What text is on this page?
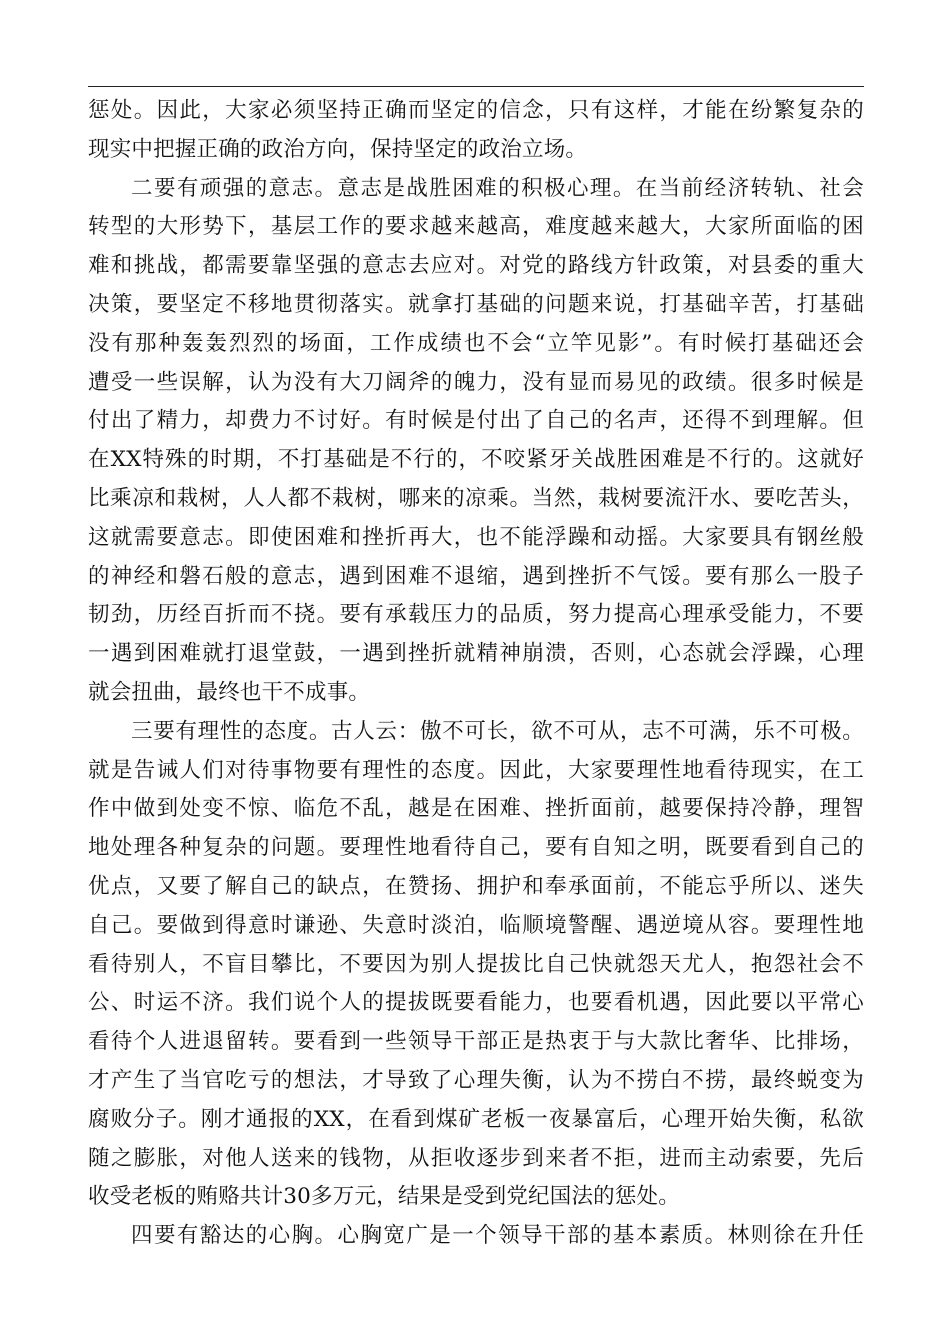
惩处。因此，大家必须坚持正确而坚定的信念，只有这样，才能在纷繁复杂的
现实中把握正确的政治方向，保持坚定的政治立场。
二要有顽强的意志。意志是战胜困难的积极心理。在当前经济转轨、社会
转型的大形势下，基层工作的要求越来越高，难度越来越大，大家所面临的困
难和挑战，都需要靠坚强的意志去应对。对党的路线方针政策，对县委的重大
决策，要坚定不移地贯彻落实。就拿打基础的问题来说，打基础辛苦，打基础
没有那种轰轰烈烈的场面，工作成绩也不会“立竿见影”。有时候打基础还会
遭受一些误解，认为没有大刀阔斧的魄力，没有显而易见的政绩。很多时候是
付出了精力，却费力不讨好。有时候是付出了自己的名声，还得不到理解。但
在XX特殊的时期，不打基础是不行的，不咬紧牙关战胜困难是不行的。这就好
比乘凉和栽树，人人都不栽树，哪来的凉乘。当然，栽树要流汗水、要吃苦头，
这就需要意志。即使困难和挫折再大，也不能浮躁和动摇。大家要具有钢丝般
的神经和磐石般的意志，遇到困难不退缩，遇到挫折不气馁。要有那么一股子
韧劲，历经百折而不挠。要有承载压力的品质，努力提高心理承受能力，不要
一遇到困难就打退堂鼓，一遇到挫折就精神崩溃，否则，心态就会浮躁，心理
就会扭曲，最终也干不成事。
三要有理性的态度。古人云：傲不可长，欲不可从，志不可满，乐不可极。
就是告诫人们对待事物要有理性的态度。因此，大家要理性地看待现实，在工
作中做到处变不惊、临危不乱，越是在困难、挫折面前，越要保持冷静，理智
地处理各种复杂的问题。要理性地看待自己，要有自知之明，既要看到自己的
优点，又要了解自己的缺点，在赞扬、拥护和奉承面前，不能忘乎所以、迷失
自己。要做到得意时谦逊、失意时淡泊，临顺境警醒、遇逆境从容。要理性地
看待别人，不盲目攀比，不要因为别人提拔比自己快就怨天尤人，抱怨社会不
公、时运不济。我们说个人的提拔既要看能力，也要看机遇，因此要以平常心
看待个人进退留转。要看到一些领导干部正是热衷于与大款比奢华、比排场，
才产生了当官吃亏的想法，才导致了心理失衡，认为不捞白不捞，最终蜕变为
腐败分子。刚才通报的XX，在看到煤矿老板一夜暴富后，心理开始失衡，私欲
随之膨胀，对他人送来的钱物，从拒收逐步到来者不拒，进而主动索要，先后
收受老板的贿赂共计30多万元，结果是受到党纪国法的惩处。
四要有豁达的心胸。心胸宽广是一个领导干部的基本素质。林则徐在升任
